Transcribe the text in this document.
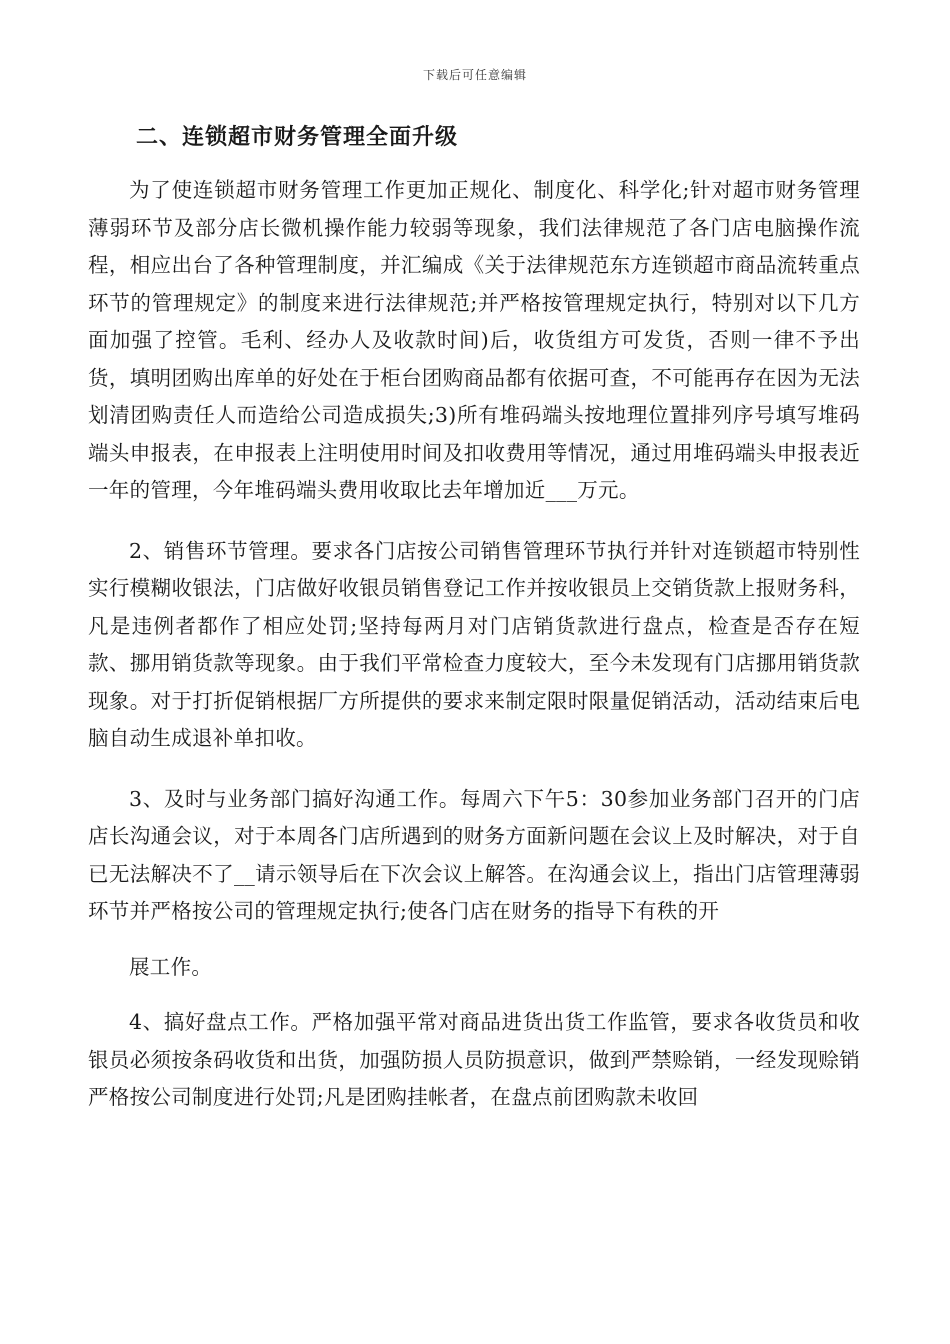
下载后可任意编辑
二、连锁超市财务管理全面升级

为了使连锁超市财务管理工作更加正规化、制度化、科学化;针对超市财务管理薄弱环节及部分店长微机操作能力较弱等现象，我们法律规范了各门店电脑操作流程，相应出台了各种管理制度，并汇编成《关于法律规范东方连锁超市商品流转重点环节的管理规定》的制度来进行法律规范;并严格按管理规定执行，特别对以下几方面加强了控管。毛利、经办人及收款时间)后，收货组方可发货，否则一律不予出货，填明团购出库单的好处在于柜台团购商品都有依据可查，不可能再存在因为无法划清团购责任人而造给公司造成损失;3)所有堆码端头按地理位置排列序号填写堆码端头申报表，在申报表上注明使用时间及扣收费用等情况，通过用堆码端头申报表近一年的管理，今年堆码端头费用收取比去年增加近___万元。

2、销售环节管理。要求各门店按公司销售管理环节执行并针对连锁超市特别性实行模糊收银法，门店做好收银员销售登记工作并按收银员上交销货款上报财务科，凡是违例者都作了相应处罚;坚持每两月对门店销货款进行盘点，检查是否存在短款、挪用销货款等现象。由于我们平常检查力度较大，至今未发现有门店挪用销货款现象。对于打折促销根据厂方所提供的要求来制定限时限量促销活动，活动结束后电脑自动生成退补单扣收。

3、及时与业务部门搞好沟通工作。每周六下午5：30参加业务部门召开的门店店长沟通会议，对于本周各门店所遇到的财务方面新问题在会议上及时解决，对于自已无法解决不了__请示领导后在下次会议上解答。在沟通会议上，指出门店管理薄弱环节并严格按公司的管理规定执行;使各门店在财务的指导下有秩的开

展工作。

4、搞好盘点工作。严格加强平常对商品进货出货工作监管，要求各收货员和收银员必须按条码收货和出货，加强防损人员防损意识，做到严禁赊销，一经发现赊销严格按公司制度进行处罚;凡是团购挂帐者，在盘点前团购款未收回
